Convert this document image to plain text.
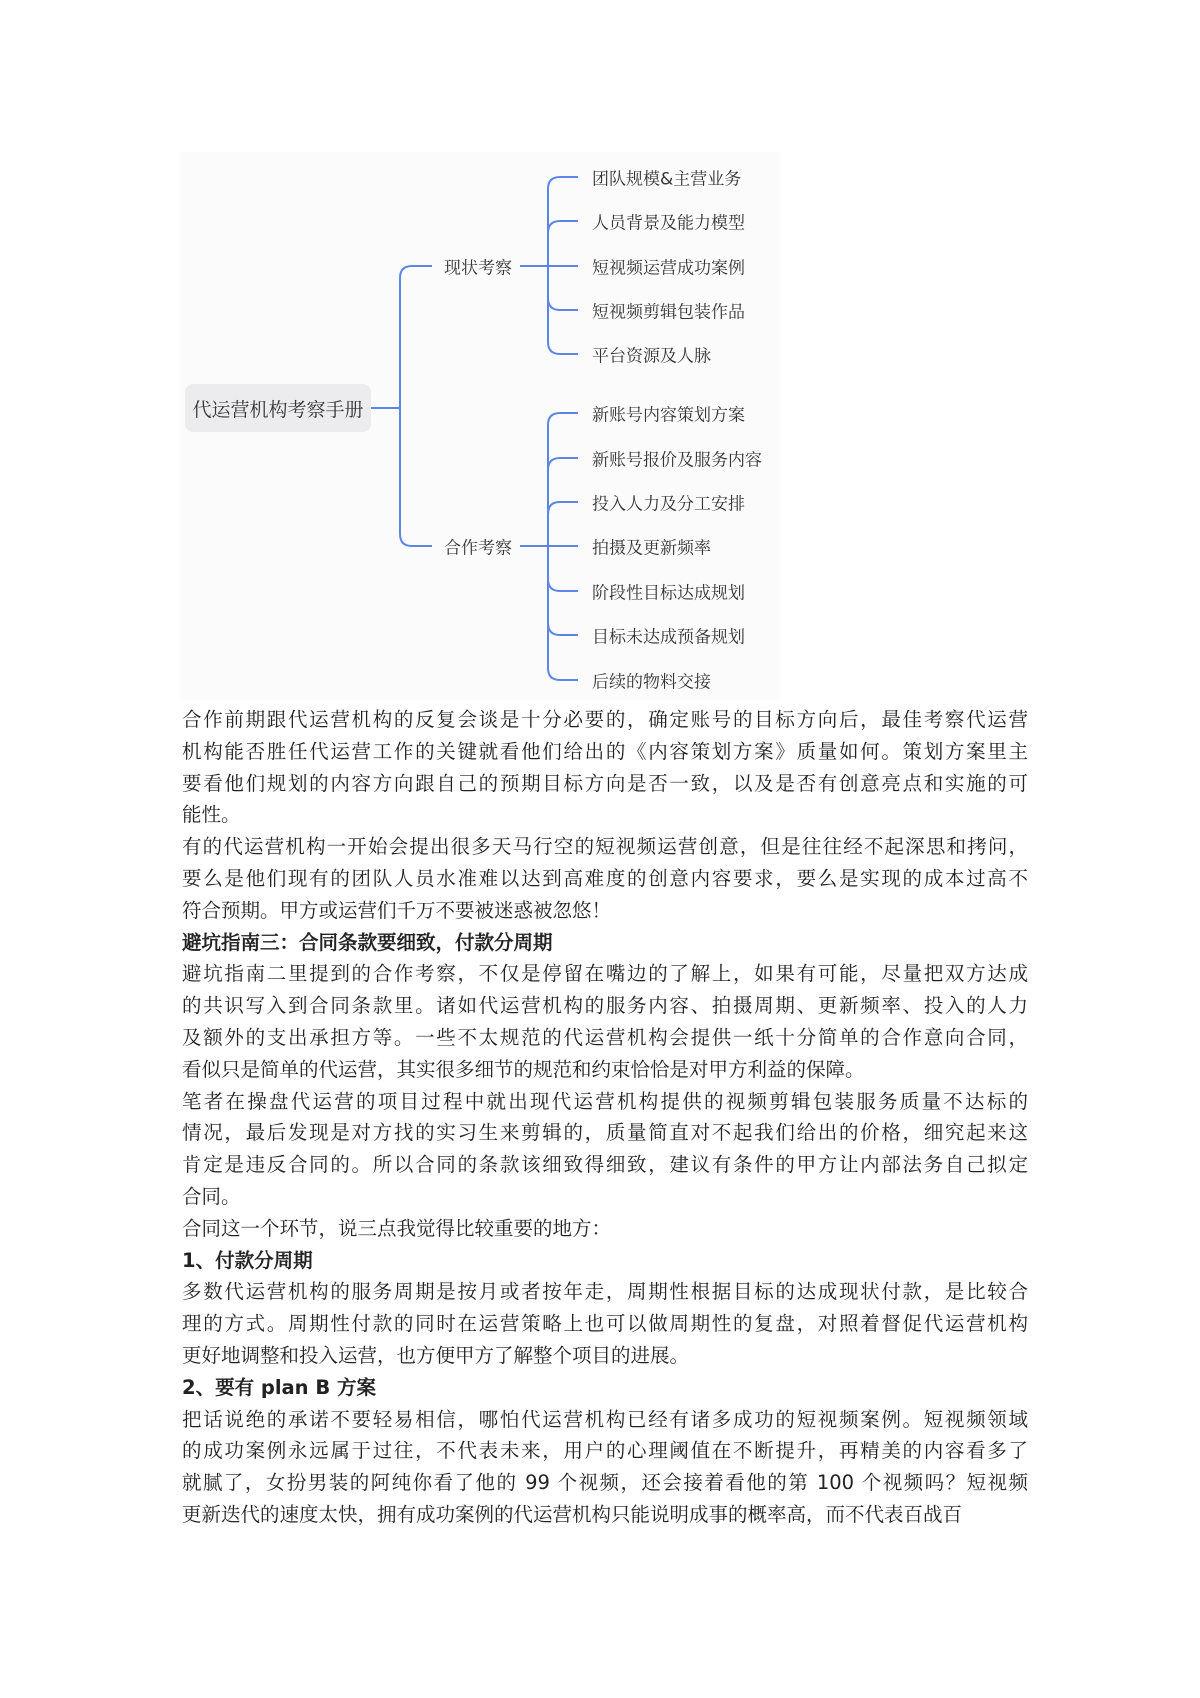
代运营机构考察手册
现状考察
团队规模&主营业务
人员背景及能力模型
短视频运营成功案例
短视频剪辑包装作品
平台资源及人脉
合作考察
新账号内容策划方案
新账号报价及服务内容
投入人力及分工安排
拍摄及更新频率
阶段性目标达成规划
目标未达成预备规划
后续的物料交接
合作前期跟代运营机构的反复会谈是十分必要的，确定账号的目标方向后，最佳考察代运营
机构能否胜任代运营工作的关键就看他们给出的《内容策划方案》质量如何。策划方案里主
要看他们规划的内容方向跟自己的预期目标方向是否一致，以及是否有创意亮点和实施的可
能性。
有的代运营机构一开始会提出很多天马行空的短视频运营创意，但是往往经不起深思和拷问，
要么是他们现有的团队人员水准难以达到高难度的创意内容要求，要么是实现的成本过高不
符合预期。甲方或运营们千万不要被迷惑被忽悠！
避坑指南三：合同条款要细致，付款分周期
避坑指南二里提到的合作考察，不仅是停留在嘴边的了解上，如果有可能，尽量把双方达成
的共识写入到合同条款里。诸如代运营机构的服务内容、拍摄周期、更新频率、投入的人力
及额外的支出承担方等。一些不太规范的代运营机构会提供一纸十分简单的合作意向合同，
看似只是简单的代运营，其实很多细节的规范和约束恰恰是对甲方利益的保障。
笔者在操盘代运营的项目过程中就出现代运营机构提供的视频剪辑包装服务质量不达标的
情况，最后发现是对方找的实习生来剪辑的，质量简直对不起我们给出的价格，细究起来这
肯定是违反合同的。所以合同的条款该细致得细致，建议有条件的甲方让内部法务自己拟定
合同。
合同这一个环节，说三点我觉得比较重要的地方：
1、付款分周期
多数代运营机构的服务周期是按月或者按年走，周期性根据目标的达成现状付款，是比较合
理的方式。周期性付款的同时在运营策略上也可以做周期性的复盘，对照着督促代运营机构
更好地调整和投入运营，也方便甲方了解整个项目的进展。
2、要有 plan B 方案
把话说绝的承诺不要轻易相信，哪怕代运营机构已经有诸多成功的短视频案例。短视频领域
的成功案例永远属于过往，不代表未来，用户的心理阈值在不断提升，再精美的内容看多了
就腻了，女扮男装的阿纯你看了他的 99 个视频，还会接着看他的第 100 个视频吗？短视频
更新迭代的速度太快，拥有成功案例的代运营机构只能说明成事的概率高，而不代表百战百
